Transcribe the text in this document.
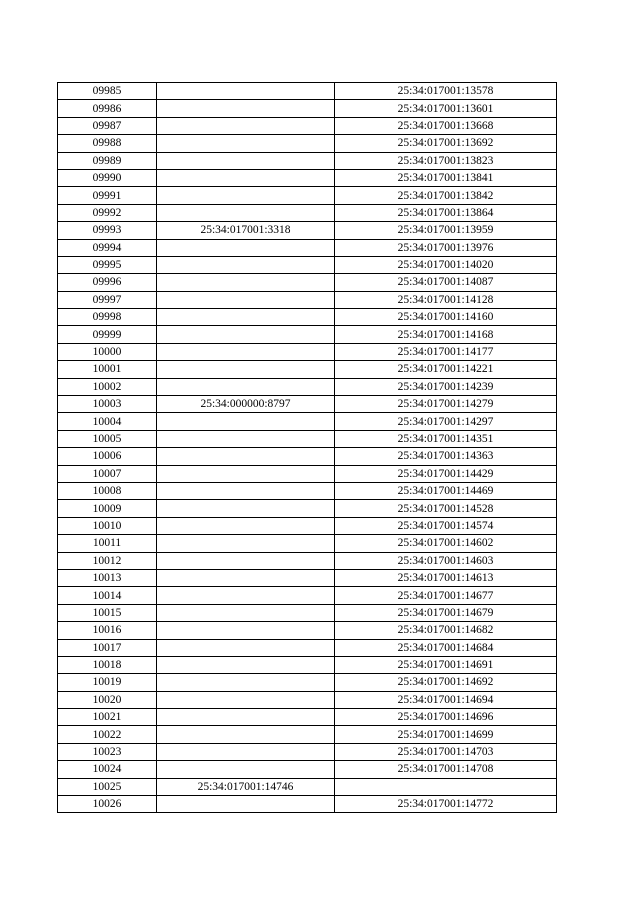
09985		25:34:017001:13578
09986		25:34:017001:13601
09987		25:34:017001:13668
09988		25:34:017001:13692
09989		25:34:017001:13823
09990		25:34:017001:13841
09991		25:34:017001:13842
09992		25:34:017001:13864
09993	25:34:017001:3318	25:34:017001:13959
09994		25:34:017001:13976
09995		25:34:017001:14020
09996		25:34:017001:14087
09997		25:34:017001:14128
09998		25:34:017001:14160
09999		25:34:017001:14168
10000		25:34:017001:14177
10001		25:34:017001:14221
10002		25:34:017001:14239
10003	25:34:000000:8797	25:34:017001:14279
10004		25:34:017001:14297
10005		25:34:017001:14351
10006		25:34:017001:14363
10007		25:34:017001:14429
10008		25:34:017001:14469
10009		25:34:017001:14528
10010		25:34:017001:14574
10011		25:34:017001:14602
10012		25:34:017001:14603
10013		25:34:017001:14613
10014		25:34:017001:14677
10015		25:34:017001:14679
10016		25:34:017001:14682
10017		25:34:017001:14684
10018		25:34:017001:14691
10019		25:34:017001:14692
10020		25:34:017001:14694
10021		25:34:017001:14696
10022		25:34:017001:14699
10023		25:34:017001:14703
10024		25:34:017001:14708
10025	25:34:017001:14746	
10026		25:34:017001:14772
